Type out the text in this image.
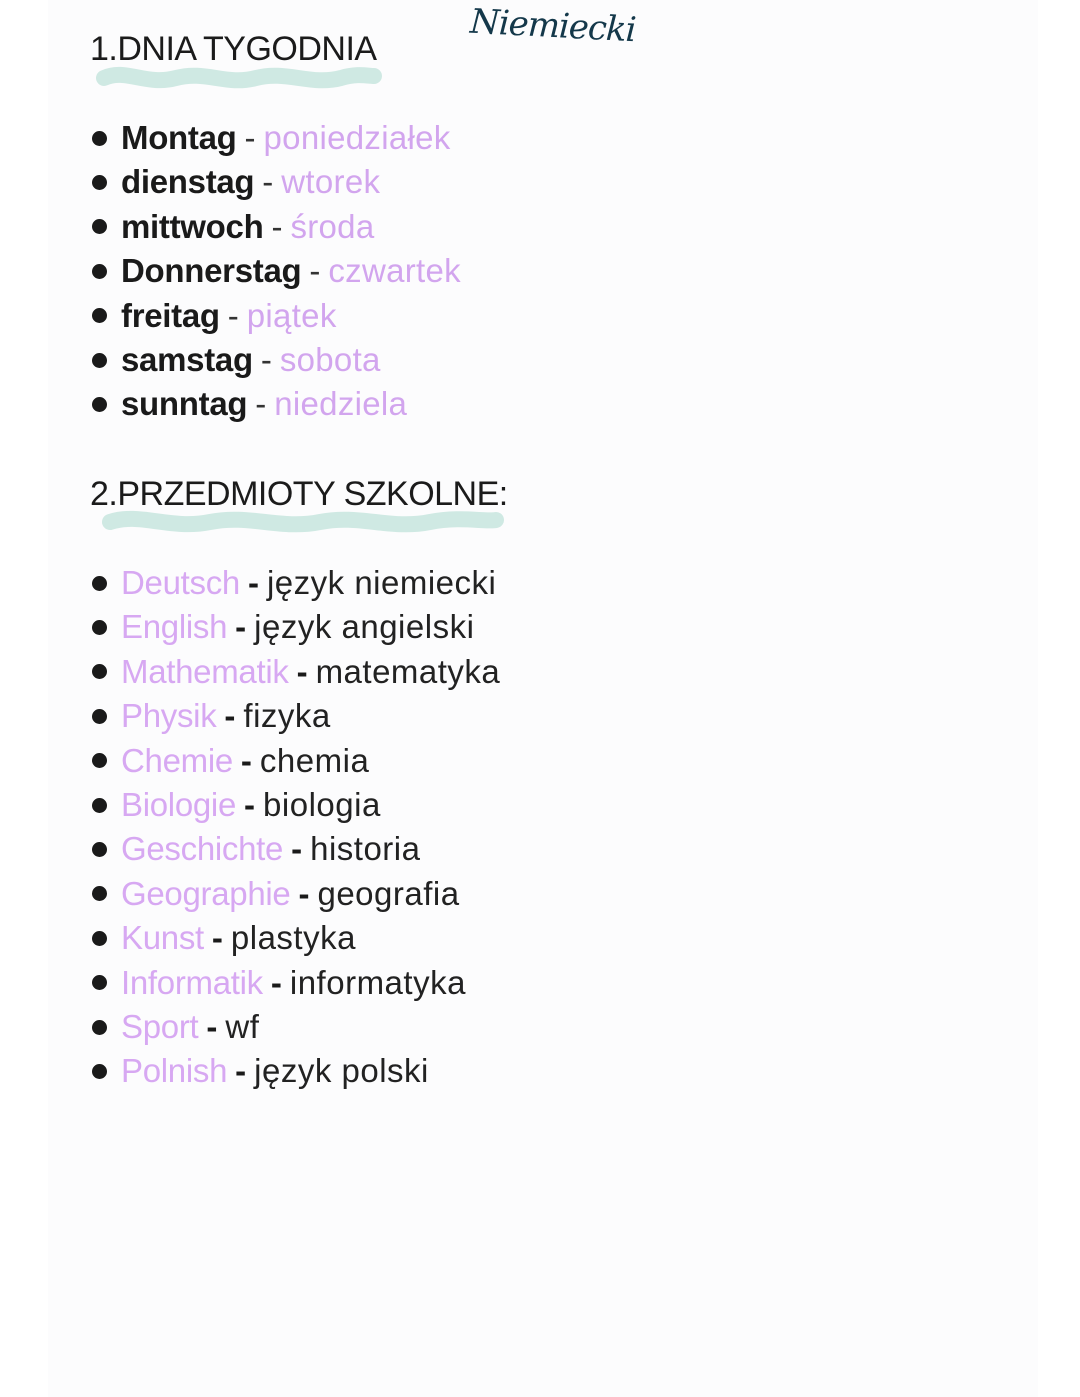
Niemiecki
1.DNIA TYGODNIA
Montag - poniedziałek
dienstag - wtorek
mittwoch - środa
Donnerstag - czwartek
freitag - piątek
samstag - sobota
sunntag - niedziela
2.PRZEDMIOTY SZKOLNE:
Deutsch - język niemiecki
English - język angielski
Mathematik - matematyka
Physik - fizyka
Chemie - chemia
Biologie - biologia
Geschichte - historia
Geographie - geografia
Kunst - plastyka
Informatik - informatyka
Sport - wf
Polnish - język polski
